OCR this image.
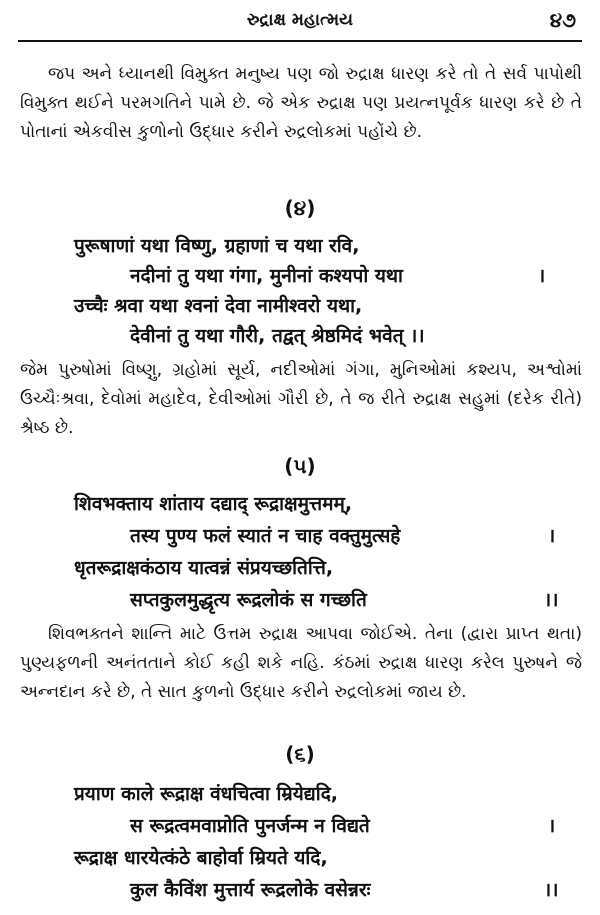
રુદ્રાક્ષ મહાત્મય	૪૭
જપ અને ધ્યાનથી વિમુક્ત મનુષ્ય પણ જો રુદ્રાક્ષ ધારણ કરે તો તે સર્વ પાપોથી વિમુક્ત થઈને પરમગતિને પામે છે. જે એક રુદ્રાક્ષ પણ પ્રયત્નપૂર્વક ધારણ કરે છે તે પોતાનાં એકવીસ કુળોનો ઉદ્ધાર કરીને રુદ્રલોકમાં પહોંચે છે.
(૪)
पुरूषाणां यथा विष्णु, ग्रहाणां च यथा रवि,
नदीनां तु यथा गंगा, मुनीनां कश्यपो यथा	।
उच्चैः श्रवा यथा श्वनां देवा नामीश्वरो यथा,
देवीनां तु यथा गौरी, तद्वत् श्रेष्ठमिदं भवेत्‌ ।।
જેમ પુરુષોમાં વિષ્ણુ, ગ્રહોમાં સૂર્ય, નદીઓમાં ગંગા, મુનિઓમાં કશ્યપ, અશ્વોમાં ઉચ્ચૈઃશ્રવા, દેવોમાં મહાદેવ, દેવીઓમાં ગૌરી છે, તે જ રીતે રુદ્રાક્ષ સહુમાં (દરેક રીતે) શ્રેષ્ઠ છે.
(૫)
शिवभक्ताय शांताय दद्याद् रूद्राक्षमुत्तमम्,
तस्य पुण्य फलं स्यातं न चाह वक्तुमुत्सहे	।
धृतरूद्राक्षकंठाय यात्वन्नं संप्रयच्छतित्ति,
सप्तकुलमुद्धृत्य रूद्रलोकं स गच्छति	।।
શિવભક્તને શાન્તિ માટે ઉત્તમ રુદ્રાક્ષ આપવા જોઈએ. તેના (દ્વારા પ્રાપ્ત થતા) પુણ્યફળની અનંતતાને કોઈ કહી શકે નહિ. કંઠમાં રુદ્રાક્ષ ધારણ કરેલ પુરુષને જે અન્નદાન કરે છે, તે સાત કુળનો ઉદ્ધાર કરીને રુદ્રલોકમાં જાય છે.
(૬)
प्रयाण काले रूद्राक्ष वंधचित्वा म्रियेद्यदि,
स रूद्रत्वमवाप्नोति पुनर्जन्म न विद्यते	।
रूद्राक्ष धारयेत्कंठे बाहोर्वा म्रियते यदि,
कुल कैविंश मुत्तार्य रूद्रलोके वसेन्नरः	।।
